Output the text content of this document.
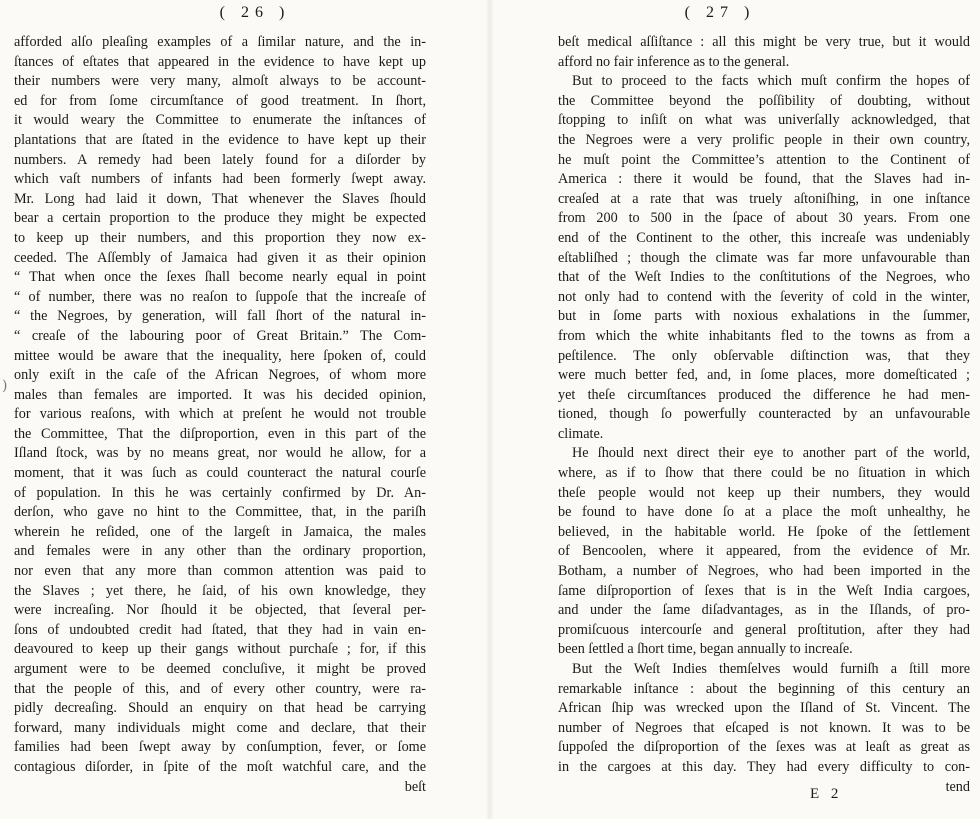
( 26 )
afforded alſo pleaſing examples of a ſimilar nature, and the in-
ſtances of eſtates that appeared in the evidence to have kept up
their numbers were very many, almoſt always to be account-
ed for from ſome circumſtance of good treatment. In ſhort,
it would weary the Committee to enumerate the inſtances of
plantations that are ſtated in the evidence to have kept up their
numbers. A remedy had been lately found for a diſorder by
which vaſt numbers of infants had been formerly ſwept away.
Mr. Long had laid it down, That whenever the Slaves ſhould
bear a certain proportion to the produce they might be expected
to keep up their numbers, and this proportion they now ex-
ceeded. The Aſſembly of Jamaica had given it as their opinion
“ That when once the ſexes ſhall become nearly equal in point
“ of number, there was no reaſon to ſuppoſe that the increaſe of
“ the Negroes, by generation, will fall ſhort of the natural in-
“ creaſe of the labouring poor of Great Britain.” The Com-
mittee would be aware that the inequality, here ſpoken of, could
only exiſt in the caſe of the African Negroes, of whom more
males than females are imported. It was his decided opinion,
for various reaſons, with which at preſent he would not trouble
the Committee, That the diſproportion, even in this part of the
Iſland ſtock, was by no means great, nor would he allow, for a
moment, that it was ſuch as could counteract the natural courſe
of population. In this he was certainly confirmed by Dr. An-
derſon, who gave no hint to the Committee, that, in the pariſh
wherein he reſided, one of the largeſt in Jamaica, the males
and females were in any other than the ordinary proportion,
nor even that any more than common attention was paid to
the Slaves ; yet there, he ſaid, of his own knowledge, they
were increaſing. Nor ſhould it be objected, that ſeveral per-
ſons of undoubted credit had ſtated, that they had in vain en-
deavoured to keep up their gangs without purchaſe ; for, if this
argument were to be deemed concluſive, it might be proved
that the people of this, and of every other country, were ra-
pidly decreaſing. Should an enquiry on that head be carrying
forward, many individuals might come and declare, that their
families had been ſwept away by conſumption, fever, or ſome
contagious diſorder, in ſpite of the moſt watchful care, and the
beſt
)
( 27 )
beſt medical aſſiſtance : all this might be very true, but it would
afford no fair inference as to the general.
But to proceed to the facts which muſt confirm the hopes of
the Committee beyond the poſſibility of doubting, without
ſtopping to inſiſt on what was univerſally acknowledged, that
the Negroes were a very prolific people in their own country,
he muſt point the Committee’s attention to the Continent of
America : there it would be found, that the Slaves had in-
creaſed at a rate that was truely aſtoniſhing, in one inſtance
from 200 to 500 in the ſpace of about 30 years. From one
end of the Continent to the other, this increaſe was undeniably
eſtabliſhed ; though the climate was far more unfavourable than
that of the Weſt Indies to the conſtitutions of the Negroes, who
not only had to contend with the ſeverity of cold in the winter,
but in ſome parts with noxious exhalations in the ſummer,
from which the white inhabitants fled to the towns as from a
peſtilence. The only obſervable diſtinction was, that they
were much better fed, and, in ſome places, more domeſticated ;
yet theſe circumſtances produced the difference he had men-
tioned, though ſo powerfully counteracted by an unfavourable
climate.
He ſhould next direct their eye to another part of the world,
where, as if to ſhow that there could be no ſituation in which
theſe people would not keep up their numbers, they would
be found to have done ſo at a place the moſt unhealthy, he
believed, in the habitable world. He ſpoke of the ſettlement
of Bencoolen, where it appeared, from the evidence of Mr.
Botham, a number of Negroes, who had been imported in the
ſame diſproportion of ſexes that is in the Weſt India cargoes,
and under the ſame diſadvantages, as in the Iſlands, of pro-
promiſcuous intercourſe and general proſtitution, after they had
been ſettled a ſhort time, began annually to increaſe.
But the Weſt Indies themſelves would furniſh a ſtill more
remarkable inſtance : about the beginning of this century an
African ſhip was wrecked upon the Iſland of St. Vincent. The
number of Negroes that eſcaped is not known. It was to be
ſuppoſed the diſproportion of the ſexes was at leaſt as great as
in the cargoes at this day. They had every difficulty to con-
tend
E 2
